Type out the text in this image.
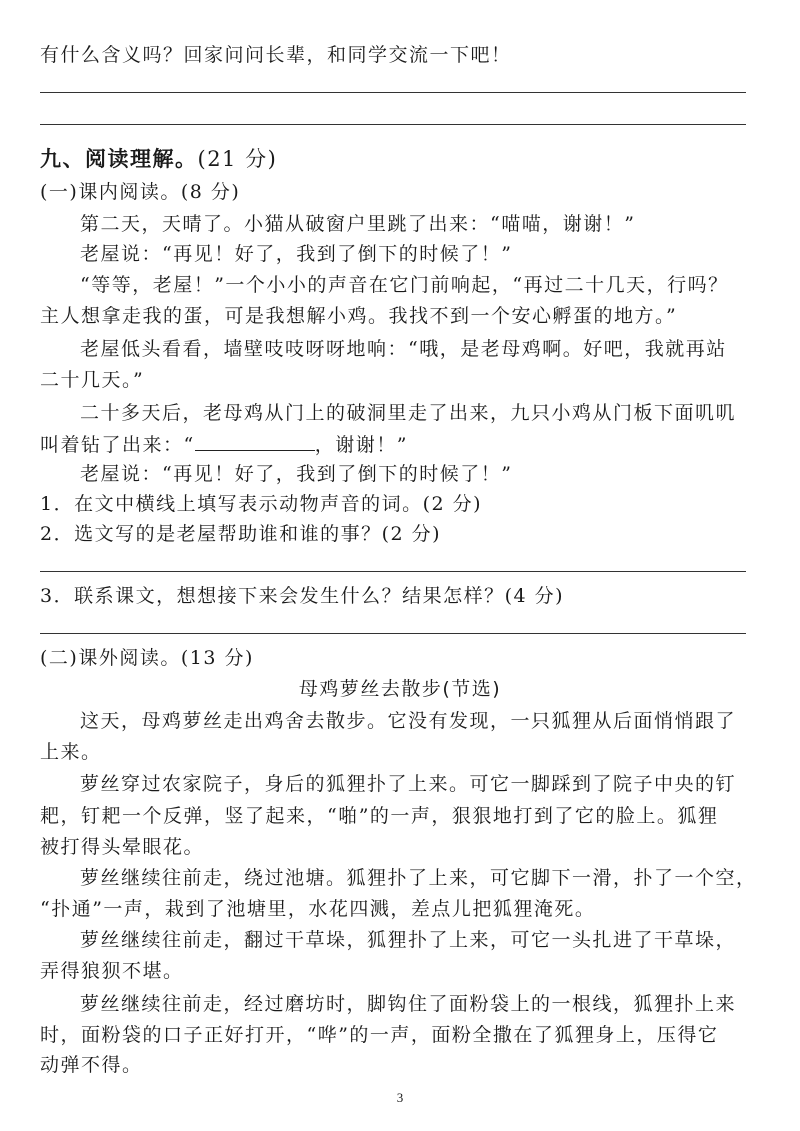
有什么含义吗？回家问问长辈，和同学交流一下吧！
九、阅读理解。(21 分)
(一)课内阅读。(8 分)
第二天，天晴了。小猫从破窗户里跳了出来：“喵喵，谢谢！”
老屋说：“再见！好了，我到了倒下的时候了！”
“等等，老屋！”一个小小的声音在它门前响起，“再过二十几天，行吗？
主人想拿走我的蛋，可是我想解小鸡。我找不到一个安心孵蛋的地方。”
老屋低头看看，墙壁吱吱呀呀地响：“哦，是老母鸡啊。好吧，我就再站
二十几天。”
二十多天后，老母鸡从门上的破洞里走了出来，九只小鸡从门板下面叽叽
叫着钻了出来：“	，谢谢！”
老屋说：“再见！好了，我到了倒下的时候了！”
1．在文中横线上填写表示动物声音的词。(2 分)
2．选文写的是老屋帮助谁和谁的事？(2 分)
3．联系课文，想想接下来会发生什么？结果怎样？(4 分)
(二)课外阅读。(13 分)
母鸡萝丝去散步(节选)
这天，母鸡萝丝走出鸡舍去散步。它没有发现，一只狐狸从后面悄悄跟了
上来。
萝丝穿过农家院子，身后的狐狸扑了上来。可它一脚踩到了院子中央的钉
耙，钉耙一个反弹，竖了起来，“啪”的一声，狠狠地打到了它的脸上。狐狸
被打得头晕眼花。
萝丝继续往前走，绕过池塘。狐狸扑了上来，可它脚下一滑，扑了一个空，
“扑通”一声，栽到了池塘里，水花四溅，差点儿把狐狸淹死。
萝丝继续往前走，翻过干草垛，狐狸扑了上来，可它一头扎进了干草垛，
弄得狼狈不堪。
萝丝继续往前走，经过磨坊时，脚钩住了面粉袋上的一根线，狐狸扑上来
时，面粉袋的口子正好打开，“哗”的一声，面粉全撒在了狐狸身上，压得它
动弹不得。
3
